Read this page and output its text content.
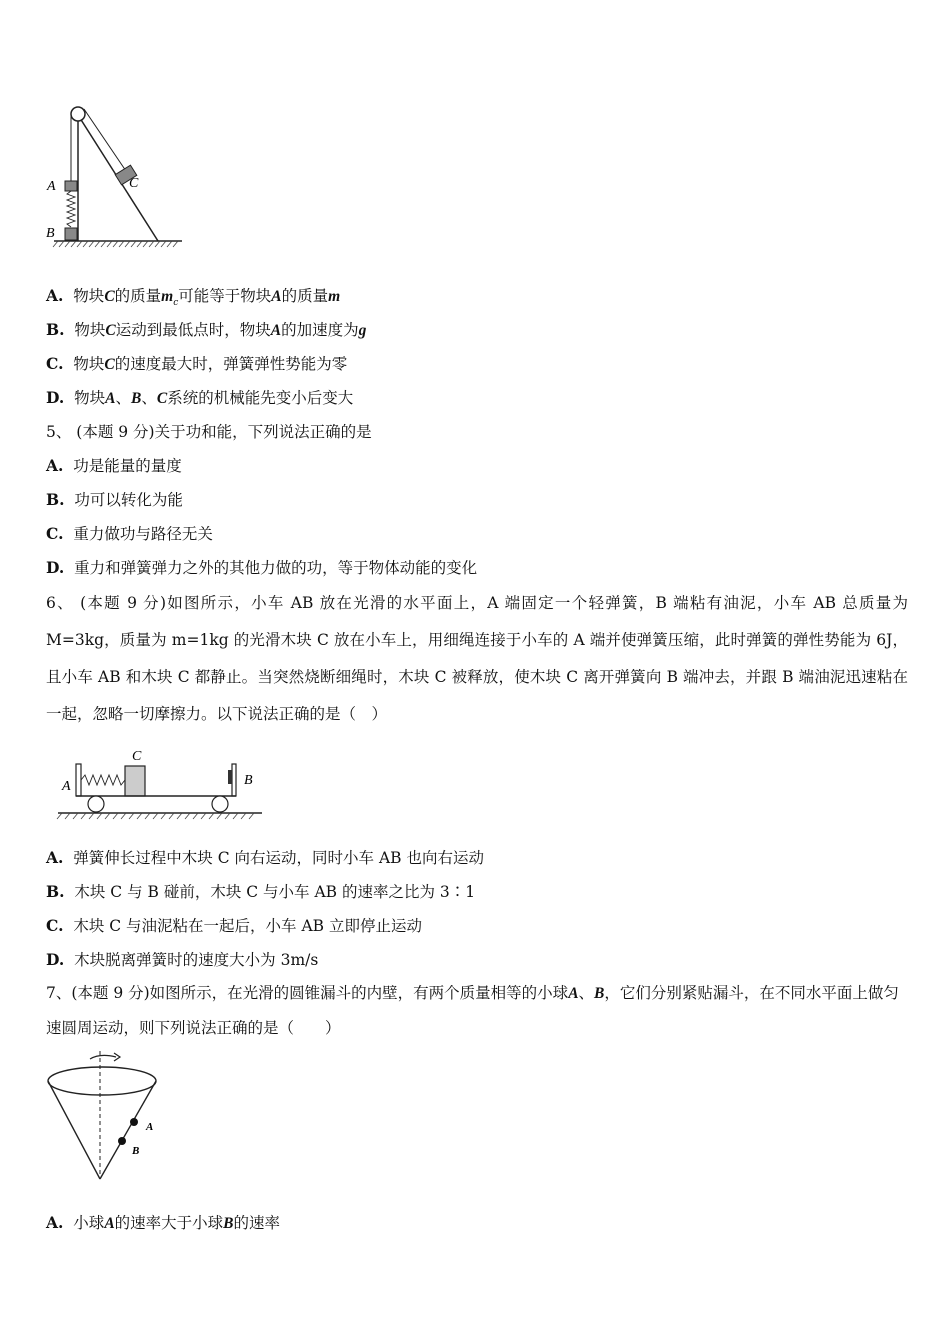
A
B
C
A. 物块C的质量$m_c$可能等于物块A的质量m
B. 物块C运动到最低点时，物块A的加速度为g
C. 物块C的速度最大时，弹簧弹性势能为零
D. 物块A、B、C系统的机械能先变小后变大
5、 (本题 9 分)关于功和能，下列说法正确的是
A. 功是能量的量度
B. 功可以转化为能
C. 重力做功与路径无关
D. 重力和弹簧弹力之外的其他力做的功，等于物体动能的变化
6、 (本题 9 分)如图所示，小车 AB 放在光滑的水平面上，A 端固定一个轻弹簧，B 端粘有油泥，小车 AB 总质量为 M=3kg，质量为 m=1kg 的光滑木块 C 放在小车上，用细绳连接于小车的 A 端并使弹簧压缩，此时弹簧的弹性势能为 6J，且小车 AB 和木块 C 都静止。当突然烧断细绳时，木块 C 被释放，使木块 C 离开弹簧向 B 端冲去，并跟 B 端油泥迅速粘在一起，忽略一切摩擦力。以下说法正确的是（　）
C
A	B
A. 弹簧伸长过程中木块 C 向右运动，同时小车 AB 也向右运动
B. 木块 C 与 B 碰前，木块 C 与小车 AB 的速率之比为 3∶1
C. 木块 C 与油泥粘在一起后，小车 AB 立即停止运动
D. 木块脱离弹簧时的速度大小为 3m/s
7、(本题 9 分)如图所示，在光滑的圆锥漏斗的内壁，有两个质量相等的小球A、B，它们分别紧贴漏斗，在不同水平面上做匀速圆周运动，则下列说法正确的是（　　）
A
B
A. 小球A的速率大于小球B的速率
